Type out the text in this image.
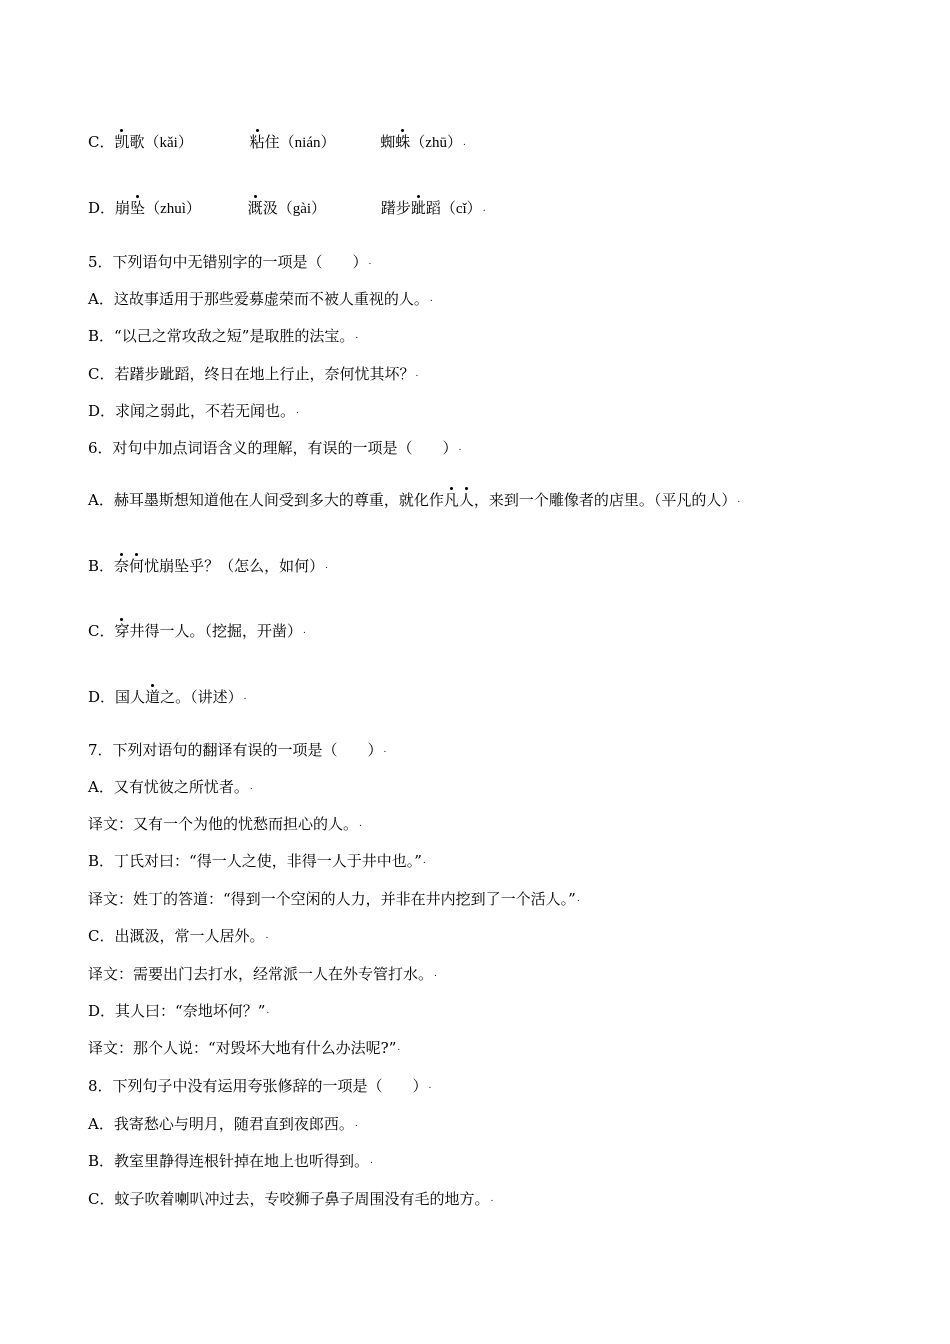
C．凯歌（kǎi）	粘住（nián）	蜘蛛（zhū）.
D．崩坠（zhuì）	溉汲（gài）	躇步跐蹈（cǐ）.
5．下列语句中无错别字的一项是（　　）.
A．这故事适用于那些爱募虚荣而不被人重视的人。.
B．“以己之常攻敌之短”是取胜的法宝。.
C．若躇步跐蹈，终日在地上行止，奈何忧其坏？.
D．求闻之弱此，不若无闻也。.
6．对句中加点词语含义的理解，有误的一项是（　　）.
A．赫耳墨斯想知道他在人间受到多大的尊重，就化作凡人，来到一个雕像者的店里。（平凡的人）.
B．奈何忧崩坠乎？（怎么，如何）.
C．穿井得一人。（挖掘，开凿）.
D．国人道之。（讲述）.
7．下列对语句的翻译有误的一项是（　　）.
A．又有忧彼之所忧者。.
译文：又有一个为他的忧愁而担心的人。.
B．丁氏对曰：“得一人之使，非得一人于井中也。”.
译文：姓丁的答道：“得到一个空闲的人力，并非在井内挖到了一个活人。”.
C．出溉汲，常一人居外。.
译文：需要出门去打水，经常派一人在外专管打水。.
D．其人曰：“奈地坏何？”.
译文：那个人说：“对毁坏大地有什么办法呢?”.
8．下列句子中没有运用夸张修辞的一项是（　　）.
A．我寄愁心与明月，随君直到夜郎西。.
B．教室里静得连根针掉在地上也听得到。.
C．蚊子吹着喇叭冲过去，专咬狮子鼻子周围没有毛的地方。.
